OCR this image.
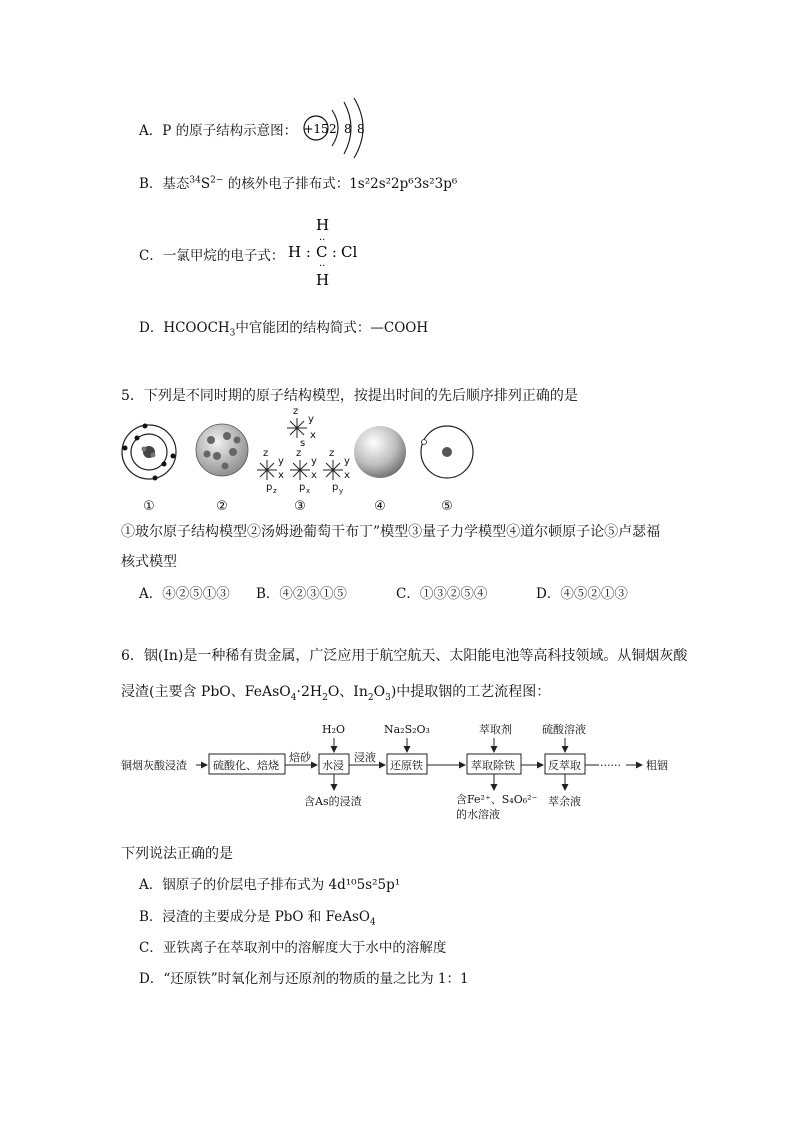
A．P 的原子结构示意图： +15 2 8 8
B．基态$^{34}S^{2-}$ 的核外电子排布式：1s²2s²2p⁶3s²3p⁶
C．一氯甲烷的电子式：
H
··
H : C : Cl
··
H
D．$HCOOCH_3$中官能团的结构简式：—COOH
5．下列是不同时期的原子结构模型，按提出时间的先后顺序排列正确的是
z
y
x
s
z
y
x
p z
z
y
x
p x
z
y
x
p y
①	②	③	④	⑤
①玻尔原子结构模型②汤姆逊葡萄干布丁”模型③量子力学模型④道尔顿原子论⑤卢瑟福
核式模型
A．④②⑤①③ B．④②③①⑤	C．①③②⑤④	D．④⑤②①③
6．铟(In)是一种稀有贵金属，广泛应用于航空航天、太阳能电池等高科技领域。从铜烟灰酸
浸渣(主要含 PbO、$FeAsO_4\cdot 2H_2O$、$In_2O_3$)中提取铟的工艺流程图：
铜烟灰酸浸渣 硫酸化、焙烧
焙砂
水浸
浸液
还原铁	萃取除铁	反萃取 ······ 粗铟
H₂O	Na₂S₂O₃	萃取剂	硫酸溶液
含As的浸渣	含Fe²⁺、S₄O₆²⁻
的水溶液
萃余液
下列说法正确的是
A．铟原子的价层电子排布式为 4d¹⁰5s²5p¹
B．浸渣的主要成分是 PbO 和 FeAsO$_4$
C．亚铁离子在萃取剂中的溶解度大于水中的溶解度
D．“还原铁”时氧化剂与还原剂的物质的量之比为 1：1
